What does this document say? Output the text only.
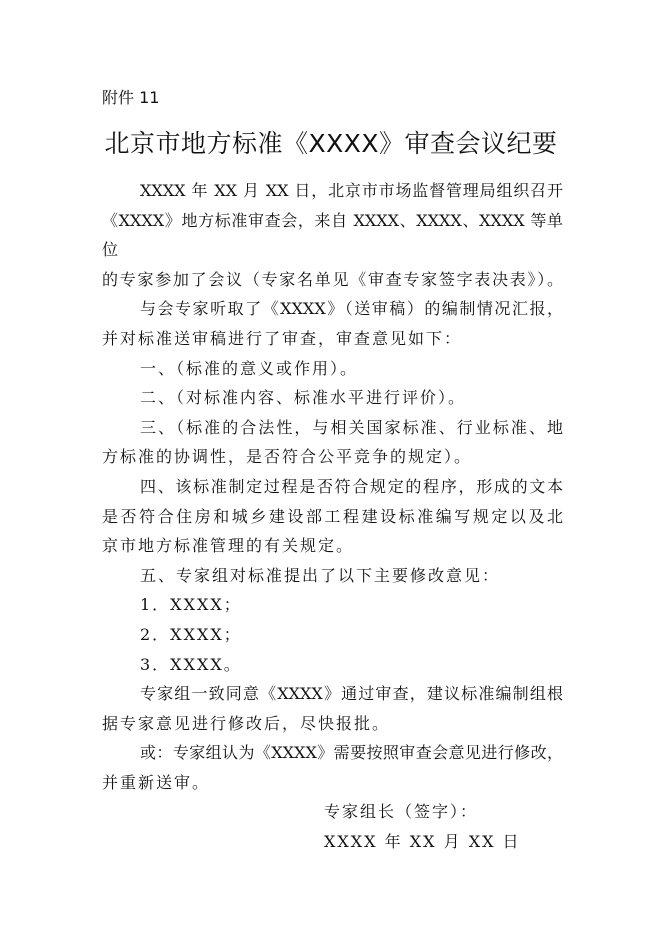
附件 11
北京市地方标准《XXXX》审查会议纪要
XXXX 年 XX 月 XX 日，北京市市场监督管理局组织召开
《XXXX》地方标准审查会，来自 XXXX、XXXX、XXXX 等单位
的专家参加了会议（专家名单见《审查专家签字表决表》）。
与会专家听取了《XXXX》（送审稿）的编制情况汇报，
并对标准送审稿进行了审查，审查意见如下：
一、（标准的意义或作用）。
二、（对标准内容、标准水平进行评价）。
三、（标准的合法性，与相关国家标准、行业标准、地
方标准的协调性，是否符合公平竞争的规定）。
四、该标准制定过程是否符合规定的程序，形成的文本
是否符合住房和城乡建设部工程建设标准编写规定以及北
京市地方标准管理的有关规定。
五、专家组对标准提出了以下主要修改意见：
1．XXXX；
2．XXXX；
3．XXXX。
专家组一致同意《XXXX》通过审查，建议标准编制组根
据专家意见进行修改后，尽快报批。
或：专家组认为《XXXX》需要按照审查会意见进行修改，
并重新送审。
专家组长（签字）：
XXXX 年 XX 月 XX 日
